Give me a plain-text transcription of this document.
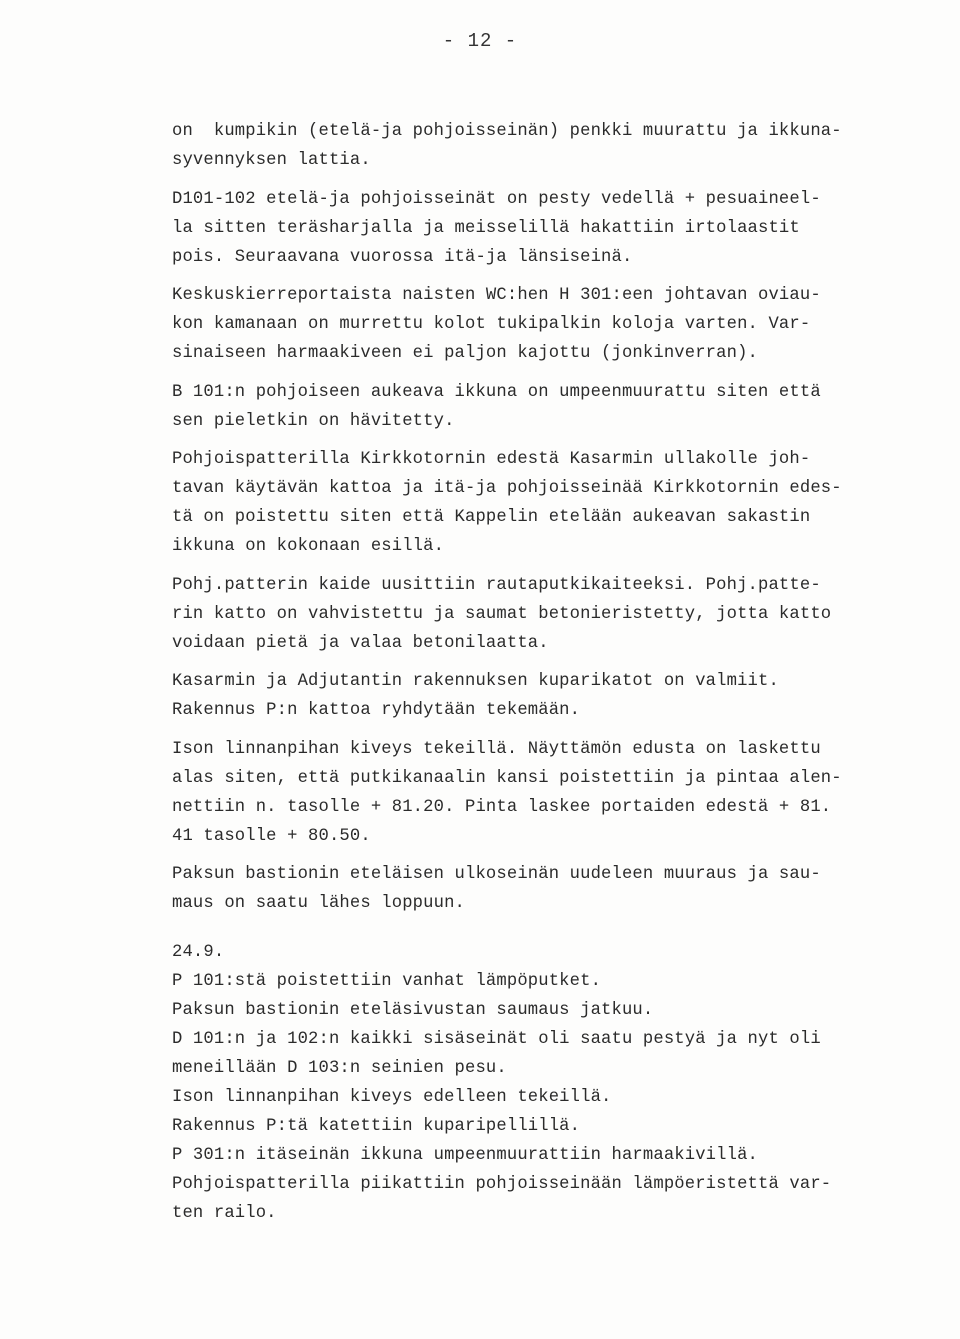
- 12 -
on  kumpikin (etelä-ja pohjoisseinän) penkki muurattu ja ikkuna-
syvennyksen lattia.
D101-102 etelä-ja pohjoisseinät on pesty vedellä + pesuaineel-
la sitten teräsharjalla ja meisselillä hakattiin irtolaastit
pois. Seuraavana vuorossa itä-ja länsiseinä.
Keskuskierreportaista naisten WC:hen H 301:een johtavan oviau-
kon kamanaan on murrettu kolot tukipalkin koloja varten. Var-
sinaiseen harmaakiveen ei paljon kajottu (jonkinverran).
B 101:n pohjoiseen aukeava ikkuna on umpeenmuurattu siten että
sen pieletkin on hävitetty.
Pohjoispatterilla Kirkkotornin edestä Kasarmin ullakolle joh-
tavan käytävän kattoa ja itä-ja pohjoisseinää Kirkkotornin edes-
tä on poistettu siten että Kappelin etelään aukeavan sakastin
ikkuna on kokonaan esillä.
Pohj.patterin kaide uusittiin rautaputkikaiteeksi. Pohj.patte-
rin katto on vahvistettu ja saumat betonieristetty, jotta katto
voidaan pietä ja valaa betonilaatta.
Kasarmin ja Adjutantin rakennuksen kuparikatot on valmiit.
Rakennus P:n kattoa ryhdytään tekemään.
Ison linnanpihan kiveys tekeillä. Näyttämön edusta on laskettu
alas siten, että putkikanaalin kansi poistettiin ja pintaa alen-
nettiin n. tasolle + 81.20. Pinta laskee portaiden edestä + 81.
41 tasolle + 80.50.
Paksun bastionin eteläisen ulkoseinän uudeleen muuraus ja sau-
maus on saatu lähes loppuun.
24.9.
P 101:stä poistettiin vanhat lämpöputket.
Paksun bastionin eteläsivustan saumaus jatkuu.
D 101:n ja 102:n kaikki sisäseinät oli saatu pestyä ja nyt oli
meneillään D 103:n seinien pesu.
Ison linnanpihan kiveys edelleen tekeillä.
Rakennus P:tä katettiin kuparipellillä.
P 301:n itäseinän ikkuna umpeenmuurattiin harmaakivillä.
Pohjoispatterilla piikattiin pohjoisseinään lämpöeristettä var-
ten railo.
